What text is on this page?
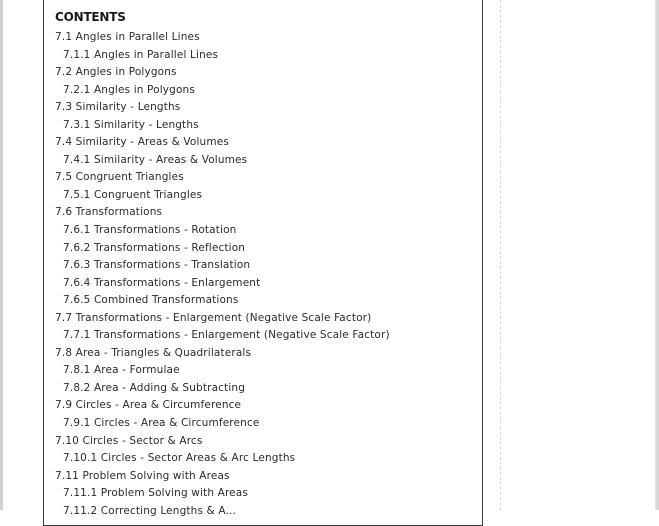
CONTENTS
7.1 Angles in Parallel Lines
7.1.1 Angles in Parallel Lines
7.2 Angles in Polygons
7.2.1 Angles in Polygons
7.3 Similarity - Lengths
7.3.1 Similarity - Lengths
7.4 Similarity - Areas & Volumes
7.4.1 Similarity - Areas & Volumes
7.5 Congruent Triangles
7.5.1 Congruent Triangles
7.6 Transformations
7.6.1 Transformations - Rotation
7.6.2 Transformations - Reflection
7.6.3 Transformations - Translation
7.6.4 Transformations - Enlargement
7.6.5 Combined Transformations
7.7 Transformations - Enlargement (Negative Scale Factor)
7.7.1 Transformations - Enlargement (Negative Scale Factor)
7.8 Area - Triangles & Quadrilaterals
7.8.1 Area - Formulae
7.8.2 Area - Adding & Subtracting
7.9 Circles - Area & Circumference
7.9.1 Circles - Area & Circumference
7.10 Circles - Sector & Arcs
7.10.1 Circles - Sector Areas & Arc Lengths
7.11 Problem Solving with Areas
7.11.1 Problem Solving with Areas
7.11.2 Correcting Lengths & A...
